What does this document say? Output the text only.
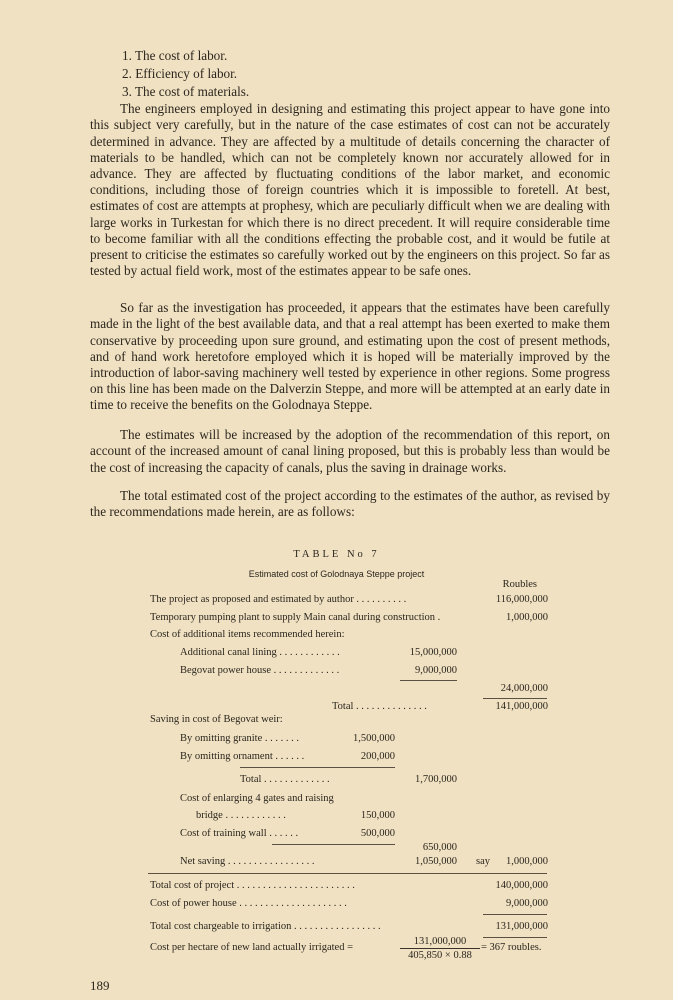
1. The cost of labor.
2. Efficiency of labor.
3. The cost of materials.

The engineers employed in designing and estimating this project appear to have gone into this subject very carefully, but in the nature of the case estimates of cost can not be accurately determined in advance. They are affected by a multitude of details concerning the character of materials to be handled, which can not be completely known nor accurately allowed for in advance. They are affected by fluctuating conditions of the labor market, and economic conditions, including those of foreign countries which it is impossible to foretell. At best, estimates of cost are attempts at prophesy, which are peculiarly difficult when we are dealing with large works in Turkestan for which there is no direct precedent. It will require considerable time to become familiar with all the conditions effecting the probable cost, and it would be futile at present to criticise the estimates so carefully worked out by the engineers on this project. So far as tested by actual field work, most of the estimates appear to be safe ones.

So far as the investigation has proceeded, it appears that the estimates have been carefully made in the light of the best available data, and that a real attempt has been exerted to make them conservative by proceeding upon sure ground, and estimating upon the cost of present methods, and of hand work heretofore employed which it is hoped will be materially improved by the introduction of labor-saving machinery well tested by experience in other regions. Some progress on this line has been made on the Dalverzin Steppe, and more will be attempted at an early date in time to receive the benefits on the Golodnaya Steppe.

The estimates will be increased by the adoption of the recommendation of this report, on account of the increased amount of canal lining proposed, but this is probably less than would be the cost of increasing the capacity of canals, plus the saving in drainage works.

The total estimated cost of the project according to the estimates of the author, as revised by the recommendations made herein, are as follows:

TABLE No 7
Estimated cost of Golodnaya Steppe project
Roubles
The project as proposed and estimated by author . . . . . . . . . .	116,000,000
Temporary pumping plant to supply Main canal during construction .	1,000,000
Cost of additional items recommended herein:
Additional canal lining . . . . . . . . . . . .	15,000,000
Begovat power house . . . . . . . . . . . . .	9,000,000
24,000,000
Total . . . . . . . . . . . . . .	141,000,000
Saving in cost of Begovat weir:
By omitting granite . . . . . . .	1,500,000
By omitting ornament . . . . . .	200,000
Total . . . . . . . . . . . . .	1,700,000
Cost of enlarging 4 gates and raising
bridge . . . . . . . . . . . .	150,000
Cost of training wall . . . . . .	500,000
650,000
Net saving . . . . . . . . . . . . . . . . .	1,050,000 say 1,000,000
Total cost of project . . . . . . . . . . . . . . . . . . . . . . .	140,000,000
Cost of power house . . . . . . . . . . . . . . . . . . . . .	9,000,000
Total cost chargeable to irrigation . . . . . . . . . . . . . . . . .	131,000,000
Cost per hectare of new land actually irrigated =	$\frac{131,000,000}{405,850 \times 0.88} = 367$ roubles.
189
